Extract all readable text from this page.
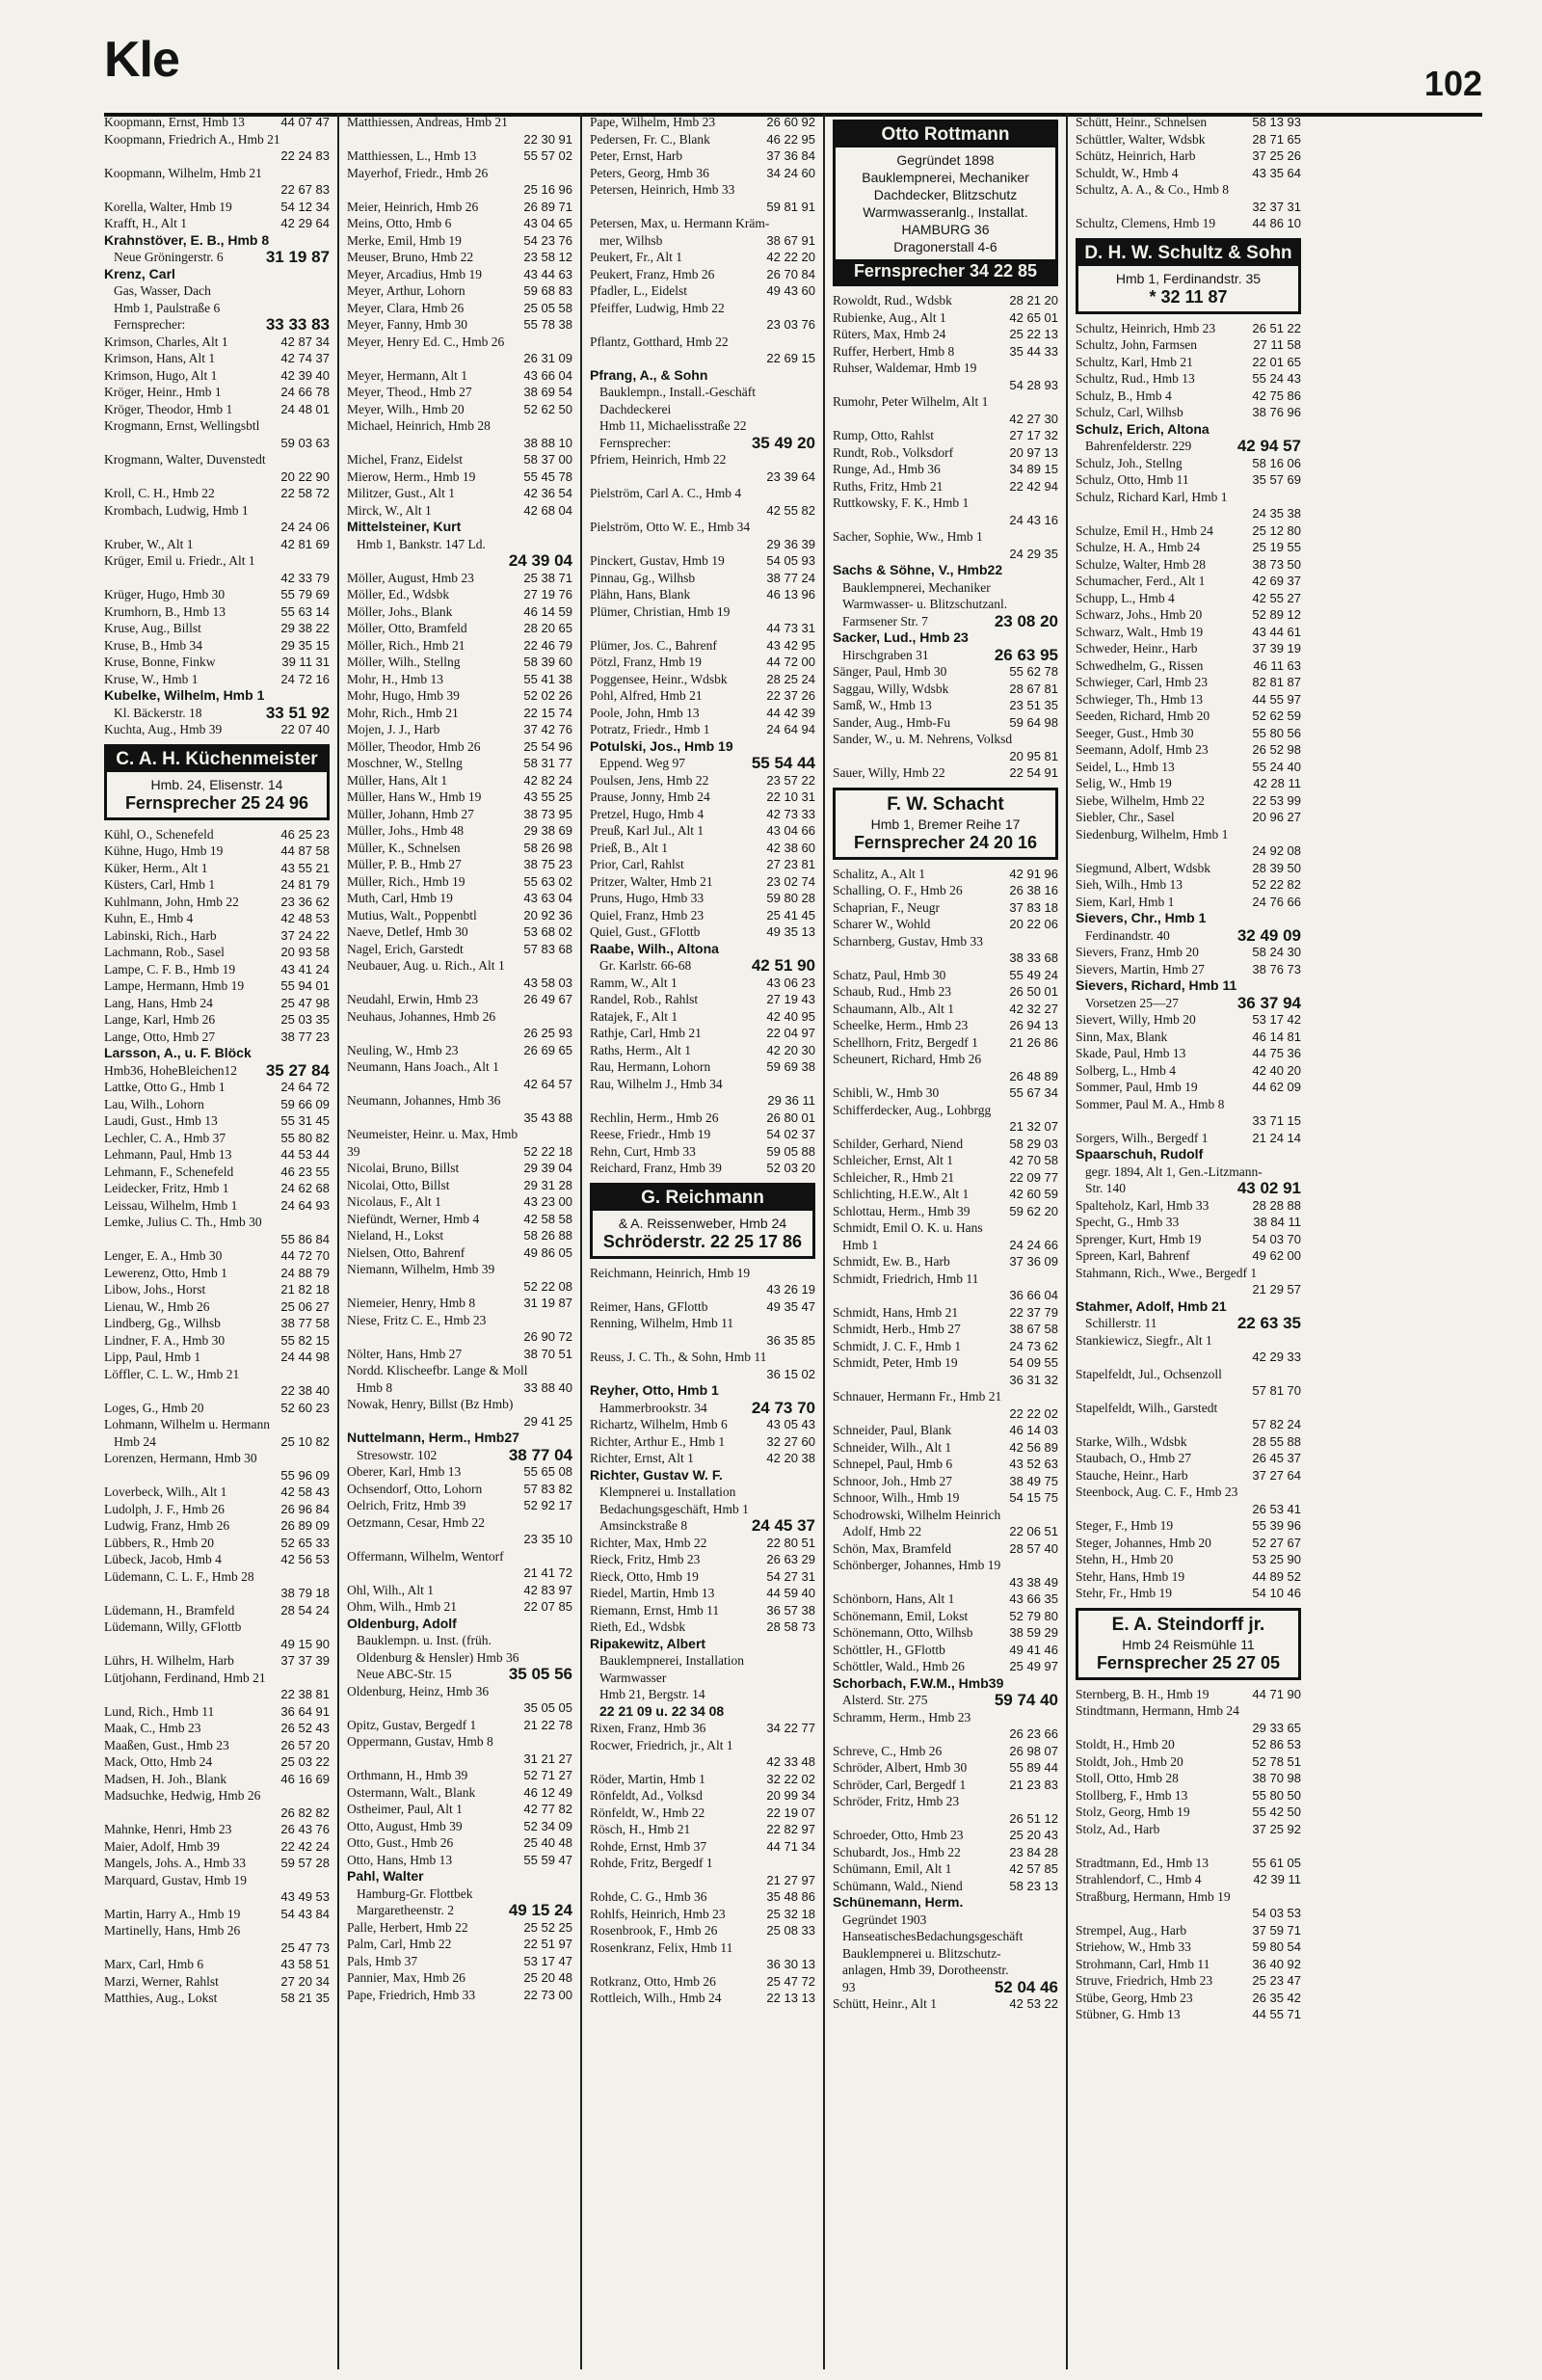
Kle	102
44 07 47
Koopmann, Ernst, Hmb 13
Koopmann, Friedrich A., Hmb 21
22 24 83

Koopmann, Wilhelm, Hmb 21
22 67 83

54 12 34
Korella, Walter, Hmb 19
42 29 64
Krafft, H., Alt 1
Krahnstöver, E. B., Hmb 8
31 19 87
Neue Gröningerstr. 6
Krenz, Carl
Gas, Wasser, Dach
Hmb 1, Paulstraße 6
33 33 83
Fernsprecher:
42 87 34
Krimson, Charles, Alt 1
42 74 37
Krimson, Hans, Alt 1
42 39 40
Krimson, Hugo, Alt 1
24 66 78
Kröger, Heinr., Hmb 1
24 48 01
Kröger, Theodor, Hmb 1
Krogmann, Ernst, Wellingsbtl
59 03 63

Krogmann, Walter, Duvenstedt
20 22 90

22 58 72
Kroll, C. H., Hmb 22
Krombach, Ludwig, Hmb 1
24 24 06

42 81 69
Kruber, W., Alt 1
Krüger, Emil u. Friedr., Alt 1
42 33 79

55 79 69
Krüger, Hugo, Hmb 30
55 63 14
Krumhorn, B., Hmb 13
29 38 22
Kruse, Aug., Billst
29 35 15
Kruse, B., Hmb 34
39 11 31
Kruse, Bonne, Finkw
24 72 16
Kruse, W., Hmb 1
Kubelke, Wilhelm, Hmb 1
33 51 92
Kl. Bäckerstr. 18
22 07 40
Kuchta, Aug., Hmb 39
C. A. H. Küchenmeister
Hmb. 24, Elisenstr. 14
Fernsprecher 25 24 96
46 25 23
Kühl, O., Schenefeld
44 87 58
Kühne, Hugo, Hmb 19
43 55 21
Küker, Herm., Alt 1
24 81 79
Küsters, Carl, Hmb 1
23 36 62
Kuhlmann, John, Hmb 22
42 48 53
Kuhn, E., Hmb 4
37 24 22
Labinski, Rich., Harb
20 93 58
Lachmann, Rob., Sasel
43 41 24
Lampe, C. F. B., Hmb 19
55 94 01
Lampe, Hermann, Hmb 19
25 47 98
Lang, Hans, Hmb 24
25 03 35
Lange, Karl, Hmb 26
38 77 23
Lange, Otto, Hmb 27
Larsson, A., u. F. Blöck
35 27 84
Hmb36, HoheBleichen12
24 64 72
Lattke, Otto G., Hmb 1
59 66 09
Lau, Wilh., Lohorn
55 31 45
Laudi, Gust., Hmb 13
55 80 82
Lechler, C. A., Hmb 37
44 53 44
Lehmann, Paul, Hmb 13
46 23 55
Lehmann, F., Schenefeld
24 62 68
Leidecker, Fritz, Hmb 1
24 64 93
Leissau, Wilhelm, Hmb 1
Lemke, Julius C. Th., Hmb 30
55 86 84

44 72 70
Lenger, E. A., Hmb 30
24 88 79
Lewerenz, Otto, Hmb 1
21 82 18
Libow, Johs., Horst
25 06 27
Lienau, W., Hmb 26
38 77 58
Lindberg, Gg., Wilhsb
55 82 15
Lindner, F. A., Hmb 30
24 44 98
Lipp, Paul, Hmb 1
Löffler, C. L. W., Hmb 21
22 38 40

52 60 23
Loges, G., Hmb 20
Lohmann, Wilhelm u. Hermann
25 10 82
Hmb 24
Lorenzen, Hermann, Hmb 30
55 96 09

42 58 43
Loverbeck, Wilh., Alt 1
26 96 84
Ludolph, J. F., Hmb 26
26 89 09
Ludwig, Franz, Hmb 26
52 65 33
Lübbers, R., Hmb 20
42 56 53
Lübeck, Jacob, Hmb 4
Lüdemann, C. L. F., Hmb 28
38 79 18

28 54 24
Lüdemann, H., Bramfeld
Lüdemann, Willy, GFlottb
49 15 90

37 37 39
Lührs, H. Wilhelm, Harb
Lütjohann, Ferdinand, Hmb 21
22 38 81

36 64 91
Lund, Rich., Hmb 11
26 52 43
Maak, C., Hmb 23
26 57 20
Maaßen, Gust., Hmb 23
25 03 22
Mack, Otto, Hmb 24
46 16 69
Madsen, H. Joh., Blank
Madsuchke, Hedwig, Hmb 26
26 82 82

26 43 76
Mahnke, Henri, Hmb 23
22 42 24
Maier, Adolf, Hmb 39
59 57 28
Mangels, Johs. A., Hmb 33
Marquard, Gustav, Hmb 19
43 49 53

54 43 84
Martin, Harry A., Hmb 19
Martinelly, Hans, Hmb 26
25 47 73

43 58 51
Marx, Carl, Hmb 6
27 20 34
Marzi, Werner, Rahlst
58 21 35
Matthies, Aug., Lokst
Matthiessen, Andreas, Hmb 21
22 30 91

55 57 02
Matthiessen, L., Hmb 13
Mayerhof, Friedr., Hmb 26
25 16 96

26 89 71
Meier, Heinrich, Hmb 26
43 04 65
Meins, Otto, Hmb 6
54 23 76
Merke, Emil, Hmb 19
23 58 12
Meuser, Bruno, Hmb 22
43 44 63
Meyer, Arcadius, Hmb 19
59 68 83
Meyer, Arthur, Lohorn
25 05 58
Meyer, Clara, Hmb 26
55 78 38
Meyer, Fanny, Hmb 30
Meyer, Henry Ed. C., Hmb 26
26 31 09

43 66 04
Meyer, Hermann, Alt 1
38 69 54
Meyer, Theod., Hmb 27
52 62 50
Meyer, Wilh., Hmb 20
Michael, Heinrich, Hmb 28
38 88 10

58 37 00
Michel, Franz, Eidelst
55 45 78
Mierow, Herm., Hmb 19
42 36 54
Militzer, Gust., Alt 1
42 68 04
Mirck, W., Alt 1
Mittelsteiner, Kurt
Hmb 1, Bankstr. 147 Ld.
24 39 04

25 38 71
Möller, August, Hmb 23
27 19 76
Möller, Ed., Wdsbk
46 14 59
Möller, Johs., Blank
28 20 65
Möller, Otto, Bramfeld
22 46 79
Möller, Rich., Hmb 21
58 39 60
Möller, Wilh., Stellng
55 41 38
Mohr, H., Hmb 13
52 02 26
Mohr, Hugo, Hmb 39
22 15 74
Mohr, Rich., Hmb 21
37 42 76
Mojen, J. J., Harb
25 54 96
Möller, Theodor, Hmb 26
58 31 77
Moschner, W., Stellng
42 82 24
Müller, Hans, Alt 1
43 55 25
Müller, Hans W., Hmb 19
38 73 95
Müller, Johann, Hmb 27
29 38 69
Müller, Johs., Hmb 48
58 26 98
Müller, K., Schnelsen
38 75 23
Müller, P. B., Hmb 27
55 63 02
Müller, Rich., Hmb 19
43 63 04
Muth, Carl, Hmb 19
20 92 36
Mutius, Walt., Poppenbtl
53 68 02
Naeve, Detlef, Hmb 30
57 83 68
Nagel, Erich, Garstedt
Neubauer, Aug. u. Rich., Alt 1
43 58 03

26 49 67
Neudahl, Erwin, Hmb 23
Neuhaus, Johannes, Hmb 26
26 25 93

26 69 65
Neuling, W., Hmb 23
Neumann, Hans Joach., Alt 1
42 64 57

Neumann, Johannes, Hmb 36
35 43 88

Neumeister, Heinr. u. Max, Hmb
52 22 18
39
29 39 04
Nicolai, Bruno, Billst
29 31 28
Nicolai, Otto, Billst
43 23 00
Nicolaus, F., Alt 1
42 58 58
Niefündt, Werner, Hmb 4
58 26 88
Nieland, H., Lokst
49 86 05
Nielsen, Otto, Bahrenf
Niemann, Wilhelm, Hmb 39
52 22 08

31 19 87
Niemeier, Henry, Hmb 8
Niese, Fritz C. E., Hmb 23
26 90 72

38 70 51
Nölter, Hans, Hmb 27
Nordd. Klischeefbr. Lange & Moll
33 88 40
Hmb 8
Nowak, Henry, Billst (Bz Hmb)
29 41 25

Nuttelmann, Herm., Hmb27
38 77 04
Stresowstr. 102
55 65 08
Oberer, Karl, Hmb 13
57 83 82
Ochsendorf, Otto, Lohorn
52 92 17
Oelrich, Fritz, Hmb 39
Oetzmann, Cesar, Hmb 22
23 35 10

Offermann, Wilhelm, Wentorf
21 41 72

42 83 97
Ohl, Wilh., Alt 1
22 07 85
Ohm, Wilh., Hmb 21
Oldenburg, Adolf
Bauklempn. u. Inst. (früh.
Oldenburg & Hensler) Hmb 36
35 05 56
Neue ABC-Str. 15
Oldenburg, Heinz, Hmb 36
35 05 05

21 22 78
Opitz, Gustav, Bergedf 1
Oppermann, Gustav, Hmb 8
31 21 27

52 71 27
Orthmann, H., Hmb 39
46 12 49
Ostermann, Walt., Blank
42 77 82
Ostheimer, Paul, Alt 1
52 34 09
Otto, August, Hmb 39
25 40 48
Otto, Gust., Hmb 26
55 59 47
Otto, Hans, Hmb 13
Pahl, Walter
Hamburg-Gr. Flottbek
49 15 24
Margaretheenstr. 2
25 52 25
Palle, Herbert, Hmb 22
22 51 97
Palm, Carl, Hmb 22
53 17 47
Pals, Hmb 37
25 20 48
Pannier, Max, Hmb 26
22 73 00
Pape, Friedrich, Hmb 33
26 60 92
Pape, Wilhelm, Hmb 23
46 22 95
Pedersen, Fr. C., Blank
37 36 84
Peter, Ernst, Harb
34 24 60
Peters, Georg, Hmb 36
Petersen, Heinrich, Hmb 33
59 81 91

Petersen, Max, u. Hermann Kräm-
38 67 91
mer, Wilhsb
42 22 20
Peukert, Fr., Alt 1
26 70 84
Peukert, Franz, Hmb 26
49 43 60
Pfadler, L., Eidelst
Pfeiffer, Ludwig, Hmb 22
23 03 76

Pflantz, Gotthard, Hmb 22
22 69 15

Pfrang, A., & Sohn
Bauklempn., Install.-Geschäft
Dachdeckerei
Hmb 11, Michaelisstraße 22
35 49 20
Fernsprecher:
Pfriem, Heinrich, Hmb 22
23 39 64

Pielström, Carl A. C., Hmb 4
42 55 82

Pielström, Otto W. E., Hmb 34
29 36 39

54 05 93
Pinckert, Gustav, Hmb 19
38 77 24
Pinnau, Gg., Wilhsb
46 13 96
Plähn, Hans, Blank
Plümer, Christian, Hmb 19
44 73 31

43 42 95
Plümer, Jos. C., Bahrenf
44 72 00
Pötzl, Franz, Hmb 19
28 25 24
Poggensee, Heinr., Wdsbk
22 37 26
Pohl, Alfred, Hmb 21
44 42 39
Poole, John, Hmb 13
24 64 94
Potratz, Friedr., Hmb 1
Potulski, Jos., Hmb 19
55 54 44
Eppend. Weg 97
23 57 22
Poulsen, Jens, Hmb 22
22 10 31
Prause, Jonny, Hmb 24
42 73 33
Pretzel, Hugo, Hmb 4
43 04 66
Preuß, Karl Jul., Alt 1
42 38 60
Prieß, B., Alt 1
27 23 81
Prior, Carl, Rahlst
23 02 74
Pritzer, Walter, Hmb 21
59 80 28
Pruns, Hugo, Hmb 33
25 41 45
Quiel, Franz, Hmb 23
49 35 13
Quiel, Gust., GFlottb
Raabe, Wilh., Altona
42 51 90
Gr. Karlstr. 66-68
43 06 23
Ramm, W., Alt 1
27 19 43
Randel, Rob., Rahlst
42 40 95
Ratajek, F., Alt 1
22 04 97
Rathje, Carl, Hmb 21
42 20 30
Raths, Herm., Alt 1
59 69 38
Rau, Hermann, Lohorn
Rau, Wilhelm J., Hmb 34
29 36 11

26 80 01
Rechlin, Herm., Hmb 26
54 02 37
Reese, Friedr., Hmb 19
59 05 88
Rehn, Curt, Hmb 33
52 03 20
Reichard, Franz, Hmb 39
G. Reichmann
& A. Reissenweber, Hmb 24
Schröderstr. 22 25 17 86
Reichmann, Heinrich, Hmb 19
43 26 19

49 35 47
Reimer, Hans, GFlottb
Renning, Wilhelm, Hmb 11
36 35 85

Reuss, J. C. Th., & Sohn, Hmb 11
36 15 02

Reyher, Otto, Hmb 1
24 73 70
Hammerbrookstr. 34
43 05 43
Richartz, Wilhelm, Hmb 6
32 27 60
Richter, Arthur E., Hmb 1
42 20 38
Richter, Ernst, Alt 1
Richter, Gustav W. F.
Klempnerei u. Installation
Bedachungsgeschäft, Hmb 1
24 45 37
Amsinckstraße 8
22 80 51
Richter, Max, Hmb 22
26 63 29
Rieck, Fritz, Hmb 23
54 27 31
Rieck, Otto, Hmb 19
44 59 40
Riedel, Martin, Hmb 13
36 57 38
Riemann, Ernst, Hmb 11
28 58 73
Rieth, Ed., Wdsbk
Ripakewitz, Albert
Bauklempnerei, Installation
Warmwasser
Hmb 21, Bergstr. 14
22 21 09 u. 22 34 08
34 22 77
Rixen, Franz, Hmb 36
Rocwer, Friedrich, jr., Alt 1
42 33 48

32 22 02
Röder, Martin, Hmb 1
20 99 34
Rönfeldt, Ad., Volksd
22 19 07
Rönfeldt, W., Hmb 22
22 82 97
Rösch, H., Hmb 21
44 71 34
Rohde, Ernst, Hmb 37
Rohde, Fritz, Bergedf 1
21 27 97

35 48 86
Rohde, C. G., Hmb 36
25 32 18
Rohlfs, Heinrich, Hmb 23
25 08 33
Rosenbrook, F., Hmb 26
Rosenkranz, Felix, Hmb 11
36 30 13

25 47 72
Rotkranz, Otto, Hmb 26
22 13 13
Rottleich, Wilh., Hmb 24
Otto Rottmann
Gegründet 1898
Bauklempnerei, Mechaniker
Dachdecker, Blitzschutz
Warmwasseranlg., Installat.
HAMBURG 36
Dragonerstall 4-6
Fernsprecher 34 22 85
28 21 20
Rowoldt, Rud., Wdsbk
42 65 01
Rubienke, Aug., Alt 1
25 22 13
Rüters, Max, Hmb 24
35 44 33
Ruffer, Herbert, Hmb 8
Ruhser, Waldemar, Hmb 19
54 28 93

Rumohr, Peter Wilhelm, Alt 1
42 27 30

27 17 32
Rump, Otto, Rahlst
20 97 13
Rundt, Rob., Volksdorf
34 89 15
Runge, Ad., Hmb 36
22 42 94
Ruths, Fritz, Hmb 21
Ruttkowsky, F. K., Hmb 1
24 43 16

Sacher, Sophie, Ww., Hmb 1
24 29 35

Sachs & Söhne, V., Hmb22
Bauklempnerei, Mechaniker
Warmwasser- u. Blitzschutzanl.
23 08 20
Farmsener Str. 7
Sacker, Lud., Hmb 23
26 63 95
Hirschgraben 31
55 62 78
Sänger, Paul, Hmb 30
28 67 81
Saggau, Willy, Wdsbk
23 51 35
Samß, W., Hmb 13
59 64 98
Sander, Aug., Hmb-Fu
Sander, W., u. M. Nehrens, Volksd
20 95 81

22 54 91
Sauer, Willy, Hmb 22
F. W. Schacht
Hmb 1, Bremer Reihe 17
Fernsprecher 24 20 16
42 91 96
Schalitz, A., Alt 1
26 38 16
Schalling, O. F., Hmb 26
37 83 18
Schaprian, F., Neugr
20 22 06
Scharer W., Wohld
Scharnberg, Gustav, Hmb 33
38 33 68

55 49 24
Schatz, Paul, Hmb 30
26 50 01
Schaub, Rud., Hmb 23
42 32 27
Schaumann, Alb., Alt 1
26 94 13
Scheelke, Herm., Hmb 23
21 26 86
Schellhorn, Fritz, Bergedf 1
Scheunert, Richard, Hmb 26
26 48 89

55 67 34
Schibli, W., Hmb 30
Schifferdecker, Aug., Lohbrgg
21 32 07

58 29 03
Schilder, Gerhard, Niend
42 70 58
Schleicher, Ernst, Alt 1
22 09 77
Schleicher, R., Hmb 21
42 60 59
Schlichting, H.E.W., Alt 1
59 62 20
Schlottau, Herm., Hmb 39
Schmidt, Emil O. K. u. Hans
24 24 66
Hmb 1
37 36 09
Schmidt, Ew. B., Harb
Schmidt, Friedrich, Hmb 11
36 66 04

22 37 79
Schmidt, Hans, Hmb 21
38 67 58
Schmidt, Herb., Hmb 27
24 73 62
Schmidt, J. C. F., Hmb 1
54 09 55
Schmidt, Peter, Hmb 19
36 31 32

Schnauer, Hermann Fr., Hmb 21
22 22 02

46 14 03
Schneider, Paul, Blank
42 56 89
Schneider, Wilh., Alt 1
43 52 63
Schnepel, Paul, Hmb 6
38 49 75
Schnoor, Joh., Hmb 27
54 15 75
Schnoor, Wilh., Hmb 19
Schodrowski, Wilhelm Heinrich
22 06 51
Adolf, Hmb 22
28 57 40
Schön, Max, Bramfeld
Schönberger, Johannes, Hmb 19
43 38 49

43 66 35
Schönborn, Hans, Alt 1
52 79 80
Schönemann, Emil, Lokst
38 59 29
Schönemann, Otto, Wilhsb
49 41 46
Schöttler, H., GFlottb
25 49 97
Schöttler, Wald., Hmb 26
Schorbach, F.W.M., Hmb39
59 74 40
Alsterd. Str. 275
Schramm, Herm., Hmb 23
26 23 66

26 98 07
Schreve, C., Hmb 26
55 89 44
Schröder, Albert, Hmb 30
21 23 83
Schröder, Carl, Bergedf 1
Schröder, Fritz, Hmb 23
26 51 12

25 20 43
Schroeder, Otto, Hmb 23
23 84 28
Schubardt, Jos., Hmb 22
42 57 85
Schümann, Emil, Alt 1
58 23 13
Schümann, Wald., Niend
Schünemann, Herm.
Gegründet 1903
HanseatischesBedachungsgeschäft
Bauklempnerei u. Blitzschutz-
anlagen, Hmb 39, Dorotheenstr.
52 04 46
93
42 53 22
Schütt, Heinr., Alt 1
58 13 93
Schütt, Heinr., Schnelsen
28 71 65
Schüttler, Walter, Wdsbk
37 25 26
Schütz, Heinrich, Harb
43 35 64
Schuldt, W., Hmb 4
Schultz, A. A., & Co., Hmb 8
32 37 31

44 86 10
Schultz, Clemens, Hmb 19
D. H. W. Schultz & Sohn
Hmb 1, Ferdinandstr. 35
* 32 11 87
26 51 22
Schultz, Heinrich, Hmb 23
27 11 58
Schultz, John, Farmsen
22 01 65
Schultz, Karl, Hmb 21
55 24 43
Schultz, Rud., Hmb 13
42 75 86
Schulz, B., Hmb 4
38 76 96
Schulz, Carl, Wilhsb
Schulz, Erich, Altona
42 94 57
Bahrenfelderstr. 229
58 16 06
Schulz, Joh., Stellng
35 57 69
Schulz, Otto, Hmb 11
Schulz, Richard Karl, Hmb 1
24 35 38

25 12 80
Schulze, Emil H., Hmb 24
25 19 55
Schulze, H. A., Hmb 24
38 73 50
Schulze, Walter, Hmb 28
42 69 37
Schumacher, Ferd., Alt 1
42 55 27
Schupp, L., Hmb 4
52 89 12
Schwarz, Johs., Hmb 20
43 44 61
Schwarz, Walt., Hmb 19
37 39 19
Schweder, Heinr., Harb
46 11 63
Schwedhelm, G., Rissen
82 81 87
Schwieger, Carl, Hmb 23
44 55 97
Schwieger, Th., Hmb 13
52 62 59
Seeden, Richard, Hmb 20
55 80 56
Seeger, Gust., Hmb 30
26 52 98
Seemann, Adolf, Hmb 23
55 24 40
Seidel, L., Hmb 13
42 28 11
Selig, W., Hmb 19
22 53 99
Siebe, Wilhelm, Hmb 22
20 96 27
Siebler, Chr., Sasel
Siedenburg, Wilhelm, Hmb 1
24 92 08

28 39 50
Siegmund, Albert, Wdsbk
52 22 82
Sieh, Wilh., Hmb 13
24 76 66
Siem, Karl, Hmb 1
Sievers, Chr., Hmb 1
32 49 09
Ferdinandstr. 40
58 24 30
Sievers, Franz, Hmb 20
38 76 73
Sievers, Martin, Hmb 27
Sievers, Richard, Hmb 11
36 37 94
Vorsetzen 25—27
53 17 42
Sievert, Willy, Hmb 20
46 14 81
Sinn, Max, Blank
44 75 36
Skade, Paul, Hmb 13
42 40 20
Solberg, L., Hmb 4
44 62 09
Sommer, Paul, Hmb 19
Sommer, Paul M. A., Hmb 8
33 71 15

21 24 14
Sorgers, Wilh., Bergedf 1
Spaarschuh, Rudolf
gegr. 1894, Alt 1, Gen.-Litzmann-
43 02 91
Str. 140
28 28 88
Spalteholz, Karl, Hmb 33
38 84 11
Specht, G., Hmb 33
54 03 70
Sprenger, Kurt, Hmb 19
49 62 00
Spreen, Karl, Bahrenf
Stahmann, Rich., Wwe., Bergedf 1
21 29 57

Stahmer, Adolf, Hmb 21
22 63 35
Schillerstr. 11
Stankiewicz, Siegfr., Alt 1
42 29 33

Stapelfeldt, Jul., Ochsenzoll
57 81 70

Stapelfeldt, Wilh., Garstedt
57 82 24

28 55 88
Starke, Wilh., Wdsbk
26 45 37
Staubach, O., Hmb 27
37 27 64
Stauche, Heinr., Harb
Steenbock, Aug. C. F., Hmb 23
26 53 41

55 39 96
Steger, F., Hmb 19
52 27 67
Steger, Johannes, Hmb 20
53 25 90
Stehn, H., Hmb 20
44 89 52
Stehr, Hans, Hmb 19
54 10 46
Stehr, Fr., Hmb 19
E. A. Steindorff jr.
Hmb 24 Reismühle 11
Fernsprecher 25 27 05
44 71 90
Sternberg, B. H., Hmb 19
Stindtmann, Hermann, Hmb 24
29 33 65

52 86 53
Stoldt, H., Hmb 20
52 78 51
Stoldt, Joh., Hmb 20
38 70 98
Stoll, Otto, Hmb 28
55 80 50
Stollberg, F., Hmb 13
55 42 50
Stolz, Georg, Hmb 19
37 25 92
Stolz, Ad., Harb

55 61 05
Stradtmann, Ed., Hmb 13
42 39 11
Strahlendorf, C., Hmb 4
Straßburg, Hermann, Hmb 19
54 03 53

37 59 71
Strempel, Aug., Harb
59 80 54
Striehow, W., Hmb 33
36 40 92
Strohmann, Carl, Hmb 11
25 23 47
Struve, Friedrich, Hmb 23
26 35 42
Stübe, Georg, Hmb 23
44 55 71
Stübner, G. Hmb 13
